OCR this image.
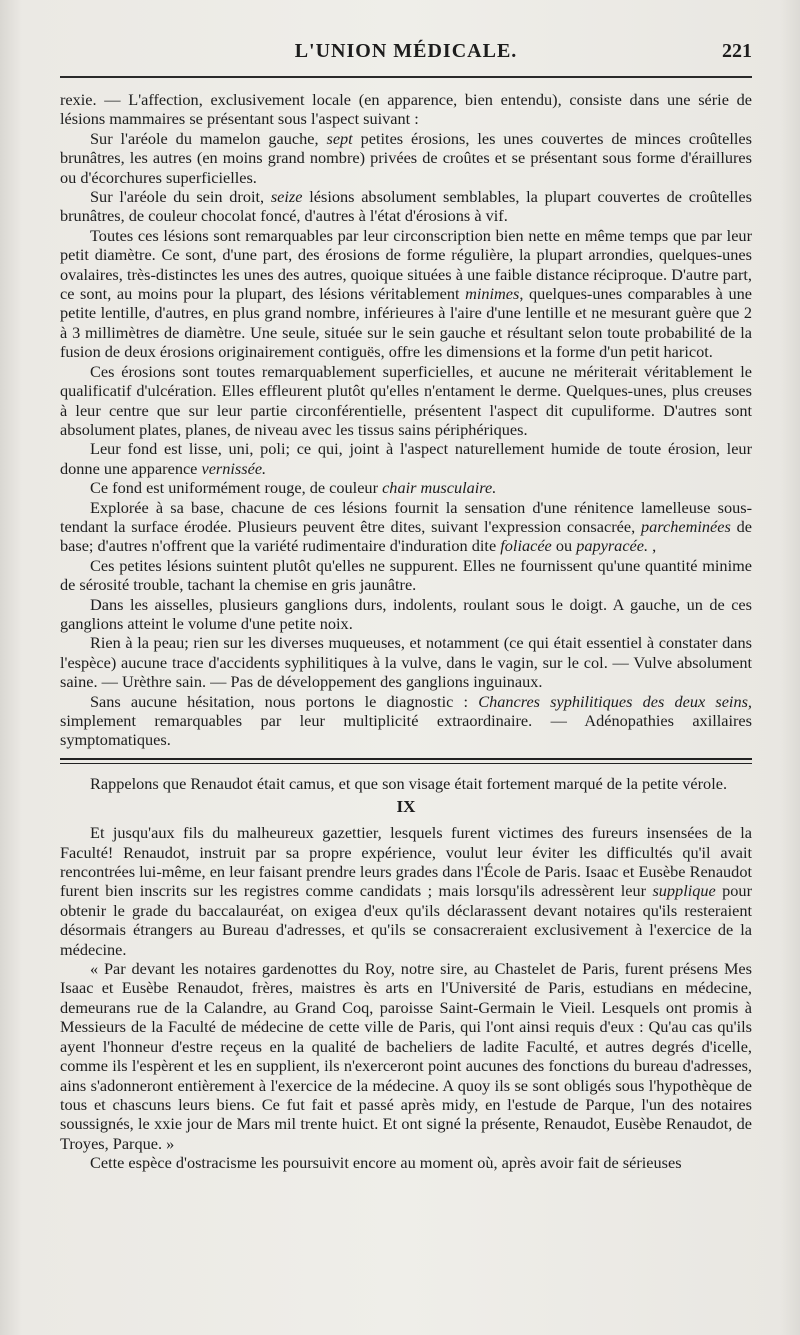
L'UNION MÉDICALE.	221

rexie. — L'affection, exclusivement locale (en apparence, bien entendu), consiste dans une série de lésions mammaires se présentant sous l'aspect suivant :

Sur l'aréole du mamelon gauche, sept petites érosions, les unes couvertes de minces croûtelles brunâtres, les autres (en moins grand nombre) privées de croûtes et se présentant sous forme d'éraillures ou d'écorchures superficielles.

Sur l'aréole du sein droit, seize lésions absolument semblables, la plupart couvertes de croûtelles brunâtres, de couleur chocolat foncé, d'autres à l'état d'érosions à vif.

Toutes ces lésions sont remarquables par leur circonscription bien nette en même temps que par leur petit diamètre. Ce sont, d'une part, des érosions de forme régulière, la plupart arrondies, quelques-unes ovalaires, très-distinctes les unes des autres, quoique situées à une faible distance réciproque. D'autre part, ce sont, au moins pour la plupart, des lésions véritablement minimes, quelques-unes comparables à une petite lentille, d'autres, en plus grand nombre, inférieures à l'aire d'une lentille et ne mesurant guère que 2 à 3 millimètres de diamètre. Une seule, située sur le sein gauche et résultant selon toute probabilité de la fusion de deux érosions originairement contiguës, offre les dimensions et la forme d'un petit haricot.

Ces érosions sont toutes remarquablement superficielles, et aucune ne mériterait véritablement le qualificatif d'ulcération. Elles effleurent plutôt qu'elles n'entament le derme. Quelques-unes, plus creuses à leur centre que sur leur partie circonférentielle, présentent l'aspect dit cupuliforme. D'autres sont absolument plates, planes, de niveau avec les tissus sains périphériques.

Leur fond est lisse, uni, poli; ce qui, joint à l'aspect naturellement humide de toute érosion, leur donne une apparence vernissée.

Ce fond est uniformément rouge, de couleur chair musculaire.

Explorée à sa base, chacune de ces lésions fournit la sensation d'une rénitence lamelleuse sous-tendant la surface érodée. Plusieurs peuvent être dites, suivant l'expression consacrée, parcheminées de base; d'autres n'offrent que la variété rudimentaire d'induration dite foliacée ou papyracée. ,

Ces petites lésions suintent plutôt qu'elles ne suppurent. Elles ne fournissent qu'une quantité minime de sérosité trouble, tachant la chemise en gris jaunâtre.

Dans les aisselles, plusieurs ganglions durs, indolents, roulant sous le doigt. A gauche, un de ces ganglions atteint le volume d'une petite noix.

Rien à la peau; rien sur les diverses muqueuses, et notamment (ce qui était essentiel à constater dans l'espèce) aucune trace d'accidents syphilitiques à la vulve, dans le vagin, sur le col. — Vulve absolument saine. — Urèthre sain. — Pas de développement des ganglions inguinaux.

Sans aucune hésitation, nous portons le diagnostic : Chancres syphilitiques des deux seins, simplement remarquables par leur multiplicité extraordinaire. — Adénopathies axillaires symptomatiques.

Rappelons que Renaudot était camus, et que son visage était fortement marqué de la petite vérole.

IX

Et jusqu'aux fils du malheureux gazettier, lesquels furent victimes des fureurs insensées de la Faculté! Renaudot, instruit par sa propre expérience, voulut leur éviter les difficultés qu'il avait rencontrées lui-même, en leur faisant prendre leurs grades dans l'École de Paris. Isaac et Eusèbe Renaudot furent bien inscrits sur les registres comme candidats ; mais lorsqu'ils adressèrent leur supplique pour obtenir le grade du baccalauréat, on exigea d'eux qu'ils déclarassent devant notaires qu'ils resteraient désormais étrangers au Bureau d'adresses, et qu'ils se consacreraient exclusivement à l'exercice de la médecine.

« Par devant les notaires gardenottes du Roy, notre sire, au Chastelet de Paris, furent présens Mes Isaac et Eusèbe Renaudot, frères, maistres ès arts en l'Université de Paris, estudians en médecine, demeurans rue de la Calandre, au Grand Coq, paroisse Saint-Germain le Vieil. Lesquels ont promis à Messieurs de la Faculté de médecine de cette ville de Paris, qui l'ont ainsi requis d'eux : Qu'au cas qu'ils ayent l'honneur d'estre reçeus en la qualité de bacheliers de ladite Faculté, et autres degrés d'icelle, comme ils l'espèrent et les en supplient, ils n'exerceront point aucunes des fonctions du bureau d'adresses, ains s'adonneront entièrement à l'exercice de la médecine. A quoy ils se sont obligés sous l'hypothèque de tous et chascuns leurs biens. Ce fut fait et passé après midy, en l'estude de Parque, l'un des notaires soussignés, le xxie jour de Mars mil trente huict. Et ont signé la présente, Renaudot, Eusèbe Renaudot, de Troyes, Parque. »

Cette espèce d'ostracisme les poursuivit encore au moment où, après avoir fait de sérieuses
